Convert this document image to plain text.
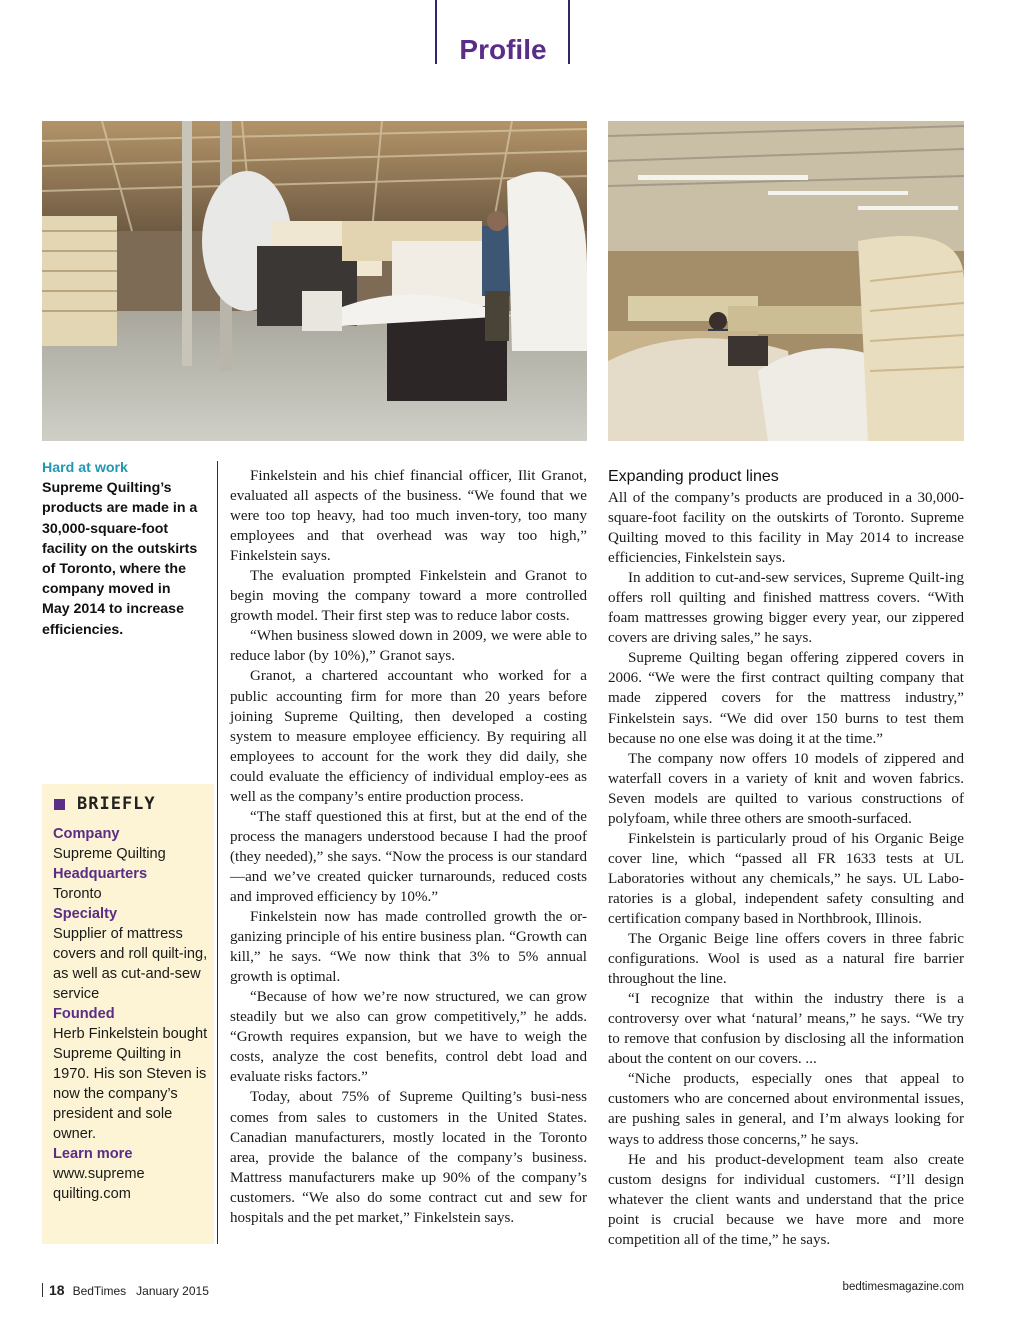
Profile
Hard at work
Supreme Quilting’s products are made in a 30,000-square-foot facility on the outskirts of Toronto, where the company moved in May 2014 to increase efficiencies.
BRIEFLY
Company
Supreme Quilting
Headquarters
Toronto
Specialty
Supplier of mattress covers and roll quilt-ing, as well as cut-and-sew service
Founded
Herb Finkelstein bought Supreme Quilting in 1970. His son Steven is now the company’s president and sole owner.
Learn more
www.supreme quilting.com

Finkelstein and his chief financial officer, Ilit Granot, evaluated all aspects of the business. “We found that we were too top heavy, had too much inven-tory, too many employees and that overhead was way too high,” Finkelstein says.

The evaluation prompted Finkelstein and Granot to begin moving the company toward a more controlled growth model. Their first step was to reduce labor costs.

“When business slowed down in 2009, we were able to reduce labor (by 10%),” Granot says.

Granot, a chartered accountant who worked for a public accounting firm for more than 20 years before joining Supreme Quilting, then developed a costing system to measure employee efficiency. By requiring all employees to account for the work they did daily, she could evaluate the efficiency of individual employ-ees as well as the company’s entire production process.

“The staff questioned this at first, but at the end of the process the managers understood because I had the proof (they needed),” she says. “Now the process is our standard—and we’ve created quicker turnarounds, reduced costs and improved efficiency by 10%.”

Finkelstein now has made controlled growth the or-ganizing principle of his entire business plan. “Growth can kill,” he says. “We now think that 3% to 5% annual growth is optimal.

“Because of how we’re now structured, we can grow steadily but we also can grow competitively,” he adds. “Growth requires expansion, but we have to weigh the costs, analyze the cost benefits, control debt load and evaluate risks factors.”

Today, about 75% of Supreme Quilting’s busi-ness comes from sales to customers in the United States. Canadian manufacturers, mostly located in the Toronto area, provide the balance of the company’s business. Mattress manufacturers make up 90% of the company’s customers. “We also do some contract cut and sew for hospitals and the pet market,” Finkelstein says.

Expanding product lines

All of the company’s products are produced in a 30,000-square-foot facility on the outskirts of Toronto. Supreme Quilting moved to this facility in May 2014 to increase efficiencies, Finkelstein says.

In addition to cut-and-sew services, Supreme Quilt-ing offers roll quilting and finished mattress covers. “With foam mattresses growing bigger every year, our zippered covers are driving sales,” he says.

Supreme Quilting began offering zippered covers in 2006. “We were the first contract quilting company that made zippered covers for the mattress industry,” Finkelstein says. “We did over 150 burns to test them because no one else was doing it at the time.”

The company now offers 10 models of zippered and waterfall covers in a variety of knit and woven fabrics. Seven models are quilted to various constructions of polyfoam, while three others are smooth-surfaced.

Finkelstein is particularly proud of his Organic Beige cover line, which “passed all FR 1633 tests at UL Laboratories without any chemicals,” he says. UL Labo-ratories is a global, independent safety consulting and certification company based in Northbrook, Illinois.

The Organic Beige line offers covers in three fabric configurations. Wool is used as a natural fire barrier throughout the line.

“I recognize that within the industry there is a controversy over what ‘natural’ means,” he says. “We try to remove that confusion by disclosing all the information about the content on our covers. ...

“Niche products, especially ones that appeal to customers who are concerned about environmental issues, are pushing sales in general, and I’m always looking for ways to address those concerns,” he says.

He and his product-development team also create custom designs for individual customers. “I’ll design whatever the client wants and understand that the price point is crucial because we have more and more competition all of the time,” he says.

18 BedTimes January 2015	bedtimesmagazine.com
